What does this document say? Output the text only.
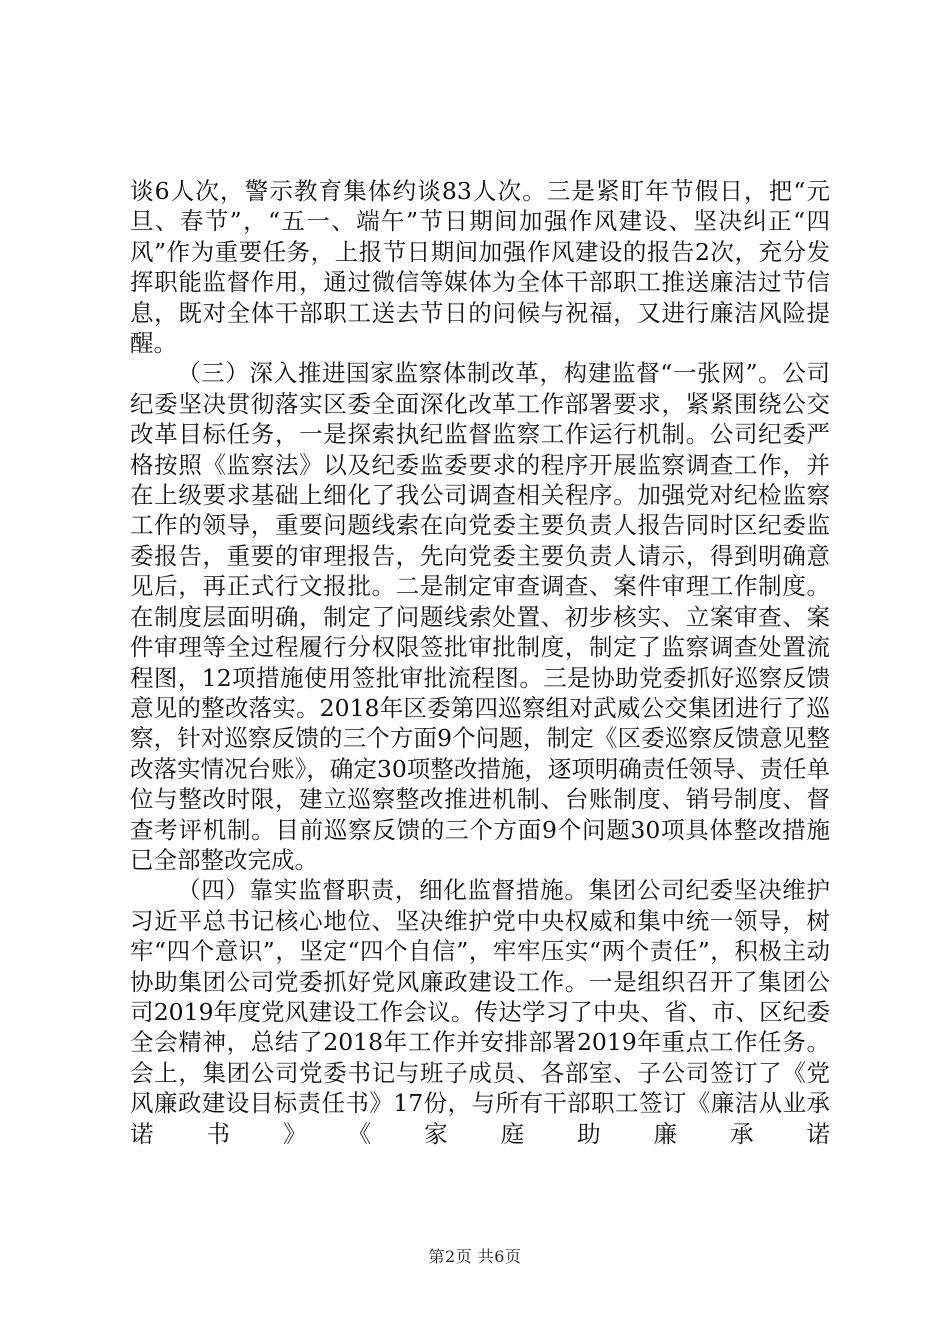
谈6人次，警示教育集体约谈83人次。三是紧盯年节假日，把“元旦、春节”，“五一、端午”节日期间加强作风建设、坚决纠正“四风”作为重要任务，上报节日期间加强作风建设的报告2次，充分发挥职能监督作用，通过微信等媒体为全体干部职工推送廉洁过节信息，既对全体干部职工送去节日的问候与祝福，又进行廉洁风险提醒。

（三）深入推进国家监察体制改革，构建监督“一张网”。公司纪委坚决贯彻落实区委全面深化改革工作部署要求，紧紧围绕公交改革目标任务，一是探索执纪监督监察工作运行机制。公司纪委严格按照《监察法》以及纪委监委要求的程序开展监察调查工作，并在上级要求基础上细化了我公司调查相关程序。加强党对纪检监察工作的领导，重要问题线索在向党委主要负责人报告同时区纪委监委报告，重要的审理报告，先向党委主要负责人请示，得到明确意见后，再正式行文报批。二是制定审查调查、案件审理工作制度。在制度层面明确，制定了问题线索处置、初步核实、立案审查、案件审理等全过程履行分权限签批审批制度，制定了监察调查处置流程图，12项措施使用签批审批流程图。三是协助党委抓好巡察反馈意见的整改落实。2018年区委第四巡察组对武威公交集团进行了巡察，针对巡察反馈的三个方面9个问题，制定《区委巡察反馈意见整改落实情况台账》，确定30项整改措施，逐项明确责任领导、责任单位与整改时限，建立巡察整改推进机制、台账制度、销号制度、督查考评机制。目前巡察反馈的三个方面9个问题30项具体整改措施已全部整改完成。

（四）靠实监督职责，细化监督措施。集团公司纪委坚决维护习近平总书记核心地位、坚决维护党中央权威和集中统一领导，树牢“四个意识”，坚定“四个自信”，牢牢压实“两个责任”，积极主动协助集团公司党委抓好党风廉政建设工作。一是组织召开了集团公司2019年度党风建设工作会议。传达学习了中央、省、市、区纪委全会精神，总结了2018年工作并安排部署2019年重点工作任务。会上，集团公司党委书记与班子成员、各部室、子公司签订了《党风廉政建设目标责任书》17份，与所有干部职工签订《廉洁从业承诺书》《家庭助廉承诺

第2页 共6页
